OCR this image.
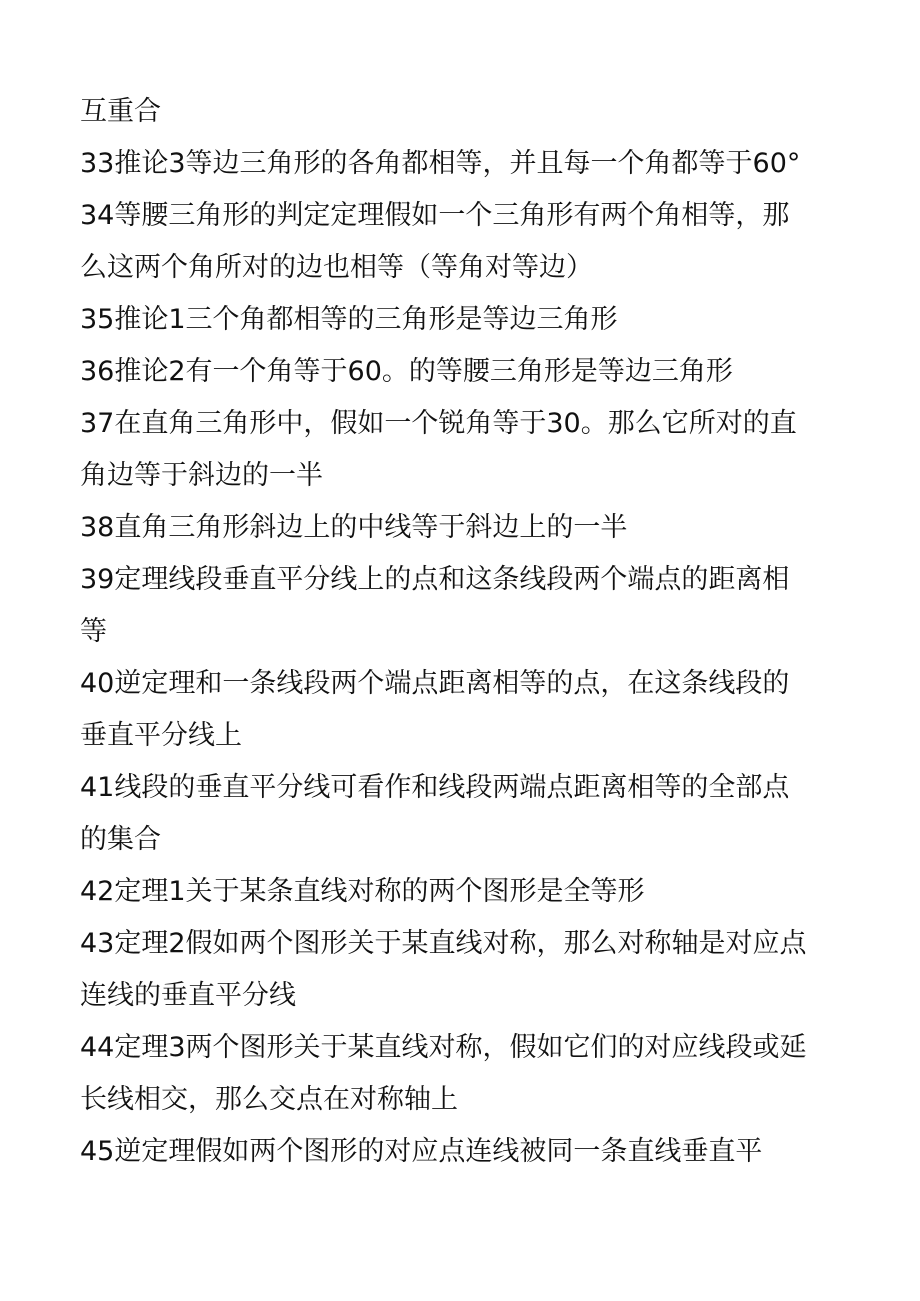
互重合

33推论3等边三角形的各角都相等，并且每一个角都等于60°

34等腰三角形的判定定理假如一个三角形有两个角相等，那

么这两个角所对的边也相等（等角对等边）

35推论1三个角都相等的三角形是等边三角形

36推论2有一个角等于60。的等腰三角形是等边三角形

37在直角三角形中，假如一个锐角等于30。那么它所对的直

角边等于斜边的一半

38直角三角形斜边上的中线等于斜边上的一半

39定理线段垂直平分线上的点和这条线段两个端点的距离相

等

40逆定理和一条线段两个端点距离相等的点，在这条线段的

垂直平分线上

41线段的垂直平分线可看作和线段两端点距离相等的全部点

的集合

42定理1关于某条直线对称的两个图形是全等形

43定理2假如两个图形关于某直线对称，那么对称轴是对应点

连线的垂直平分线

44定理3两个图形关于某直线对称，假如它们的对应线段或延

长线相交，那么交点在对称轴上

45逆定理假如两个图形的对应点连线被同一条直线垂直平
